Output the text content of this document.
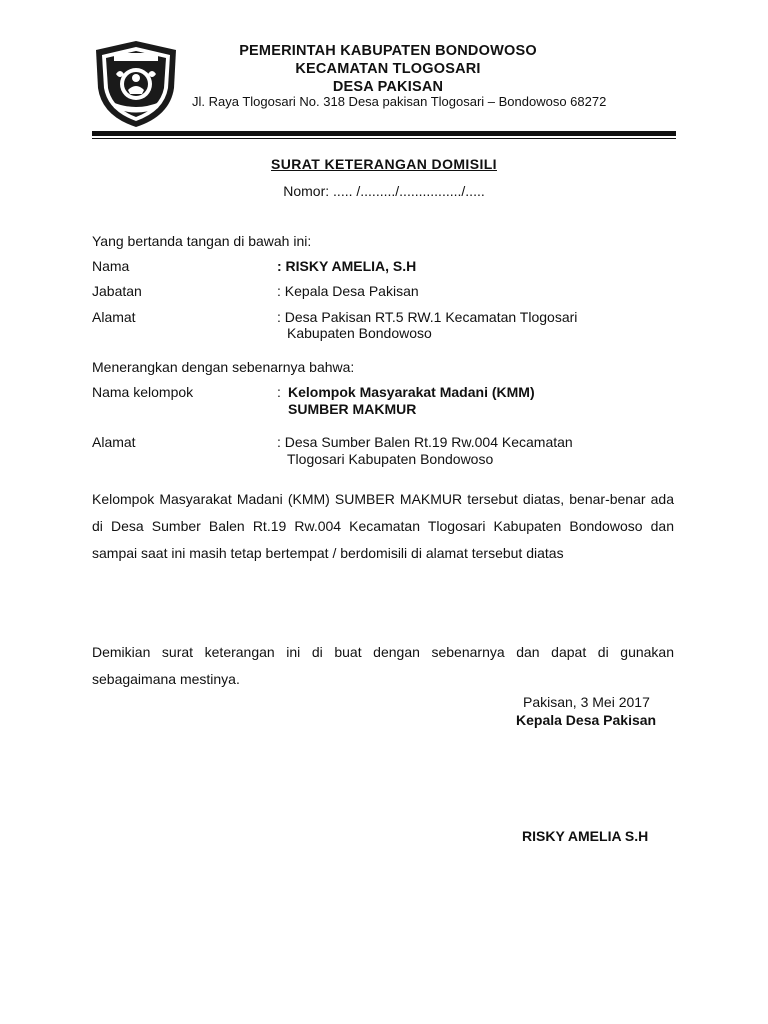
PEMERINTAH KABUPATEN BONDOWOSO
KECAMATAN TLOGOSARI
DESA PAKISAN
Jl. Raya Tlogosari No. 318 Desa pakisan Tlogosari – Bondowoso 68272
SURAT KETERANGAN DOMISILI
Nomor: ..... /........./................/.....
Yang bertanda tangan di bawah ini:
Nama	: RISKY AMELIA, S.H
Jabatan	: Kepala Desa Pakisan
Alamat	: Desa Pakisan RT.5 RW.1 Kecamatan Tlogosari
Kabupaten Bondowoso
Menerangkan dengan sebenarnya bahwa:
Nama kelompok	: Kelompok Masyarakat Madani (KMM)
SUMBER MAKMUR
Alamat	: Desa Sumber Balen Rt.19 Rw.004 Kecamatan
Tlogosari Kabupaten Bondowoso
Kelompok Masyarakat Madani (KMM) SUMBER MAKMUR tersebut diatas, benar-benar ada di Desa Sumber Balen Rt.19 Rw.004 Kecamatan Tlogosari Kabupaten Bondowoso dan sampai saat ini masih tetap bertempat / berdomisili di alamat tersebut diatas
Demikian surat keterangan ini di buat dengan sebenarnya dan dapat di gunakan sebagaimana mestinya.
Pakisan, 3 Mei 2017
Kepala Desa Pakisan
RISKY AMELIA S.H
